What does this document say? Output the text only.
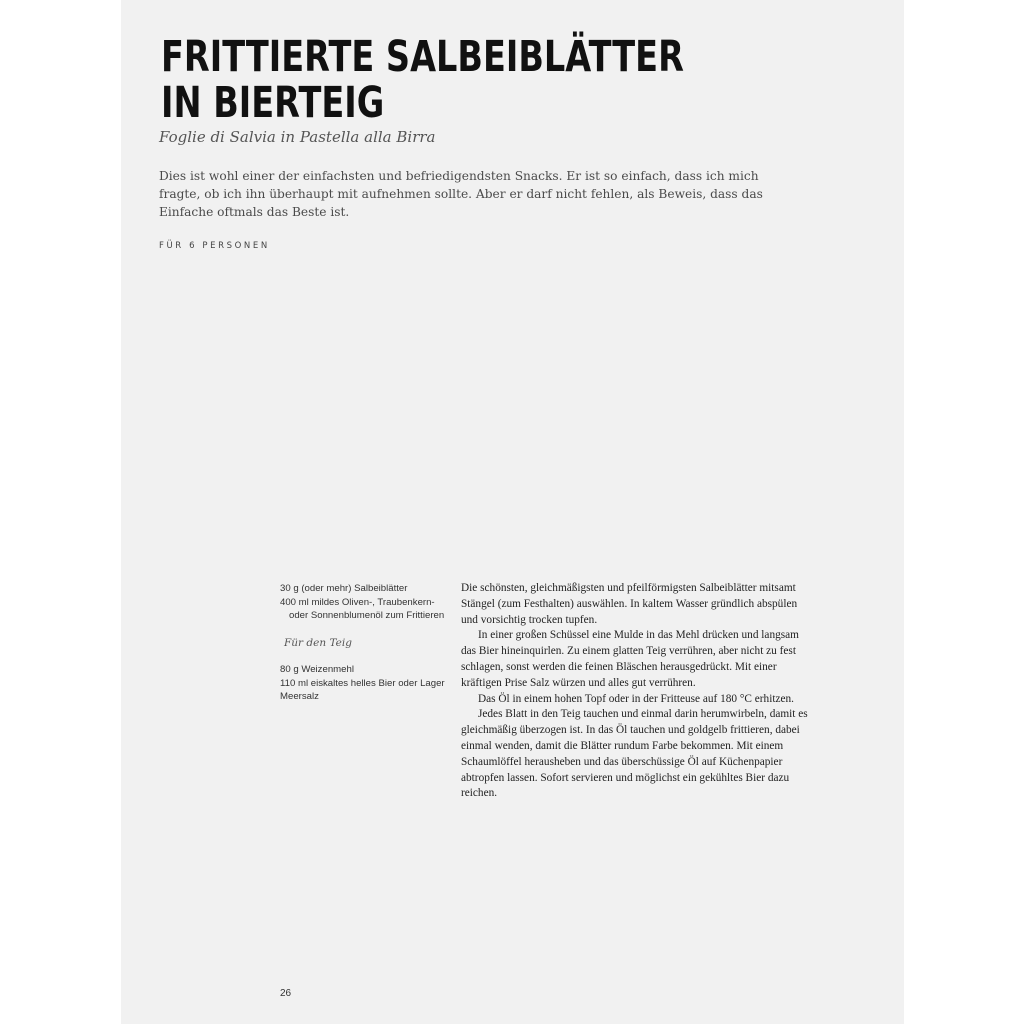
FRITTIERTE SALBEIBLÄTTER
IN BIERTEIG
Foglie di Salvia in Pastella alla Birra

Dies ist wohl einer der einfachsten und befriedigendsten Snacks. Er ist so einfach, dass ich mich fragte, ob ich ihn überhaupt mit aufnehmen sollte. Aber er darf nicht fehlen, als Beweis, dass das Einfache oftmals das Beste ist.

FÜR 6 PERSONEN

30 g (oder mehr) Salbeiblätter

400 ml mildes Oliven-, Traubenkern- oder Sonnenblumenöl zum Frittieren

Für den Teig

80 g Weizenmehl

110 ml eiskaltes helles Bier oder Lager

Meersalz

Die schönsten, gleichmäßigsten und pfeilförmigsten Salbeiblätter mitsamt Stängel (zum Festhalten) auswählen. In kaltem Wasser gründlich abspülen und vorsichtig trocken tupfen.

In einer großen Schüssel eine Mulde in das Mehl drücken und langsam das Bier hineinquirlen. Zu einem glatten Teig verrühren, aber nicht zu fest schlagen, sonst werden die feinen Bläschen herausgedrückt. Mit einer kräftigen Prise Salz würzen und alles gut verrühren.

Das Öl in einem hohen Topf oder in der Fritteuse auf 180 °C erhitzen.

Jedes Blatt in den Teig tauchen und einmal darin herumwirbeln, damit es gleichmäßig überzogen ist. In das Öl tauchen und goldgelb frittieren, dabei einmal wenden, damit die Blätter rundum Farbe bekommen. Mit einem Schaumlöffel herausheben und das überschüssige Öl auf Küchenpapier abtropfen lassen. Sofort servieren und möglichst ein gekühltes Bier dazu reichen.

26
